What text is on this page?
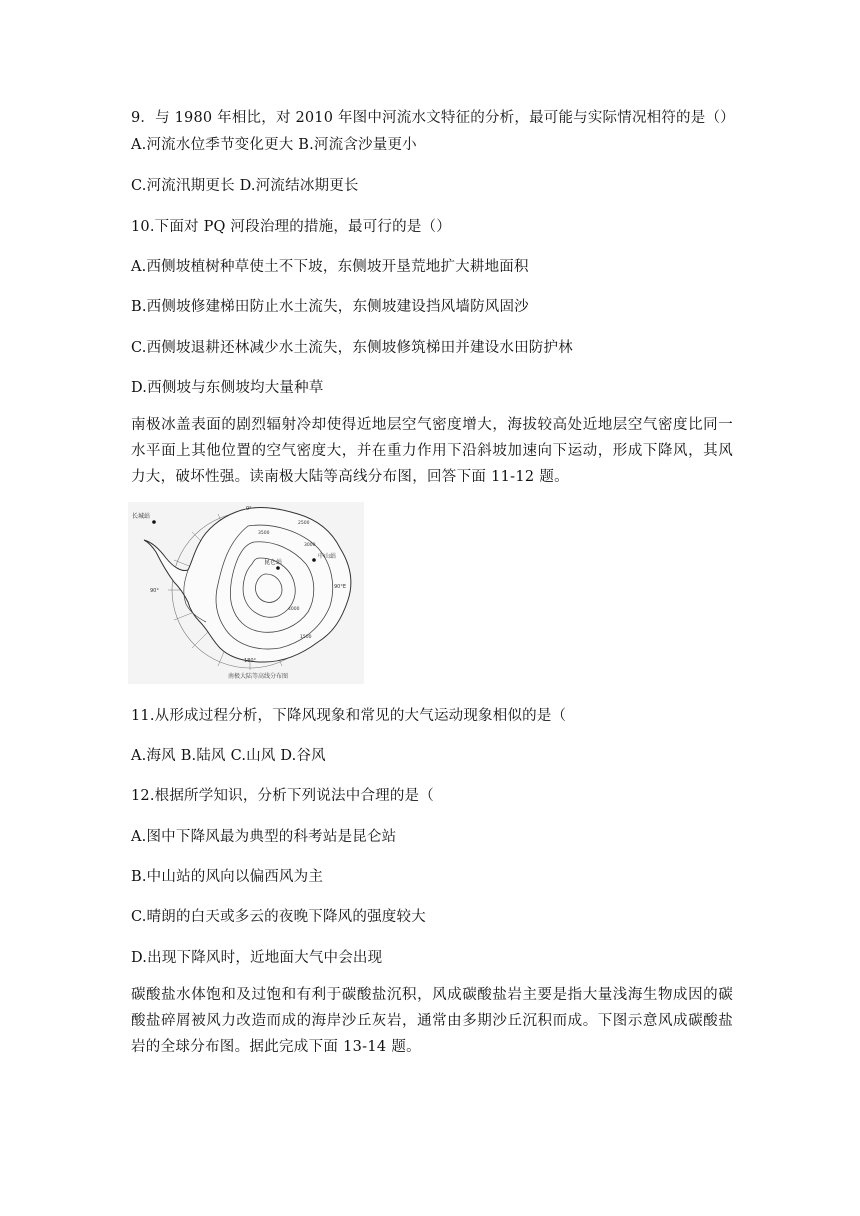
9．与 1980 年相比，对 2010 年图中河流水文特征的分析，最可能与实际情况相符的是（）
A.河流水位季节变化更大 B.河流含沙量更小
C.河流汛期更长 D.河流结冰期更长
10.下面对 PQ 河段治理的措施，最可行的是（）
A.西侧坡植树种草使土不下坡，东侧坡开垦荒地扩大耕地面积
B.西侧坡修建梯田防止水土流失，东侧坡建设挡风墙防风固沙
C.西侧坡退耕还林减少水土流失，东侧坡修筑梯田并建设水田防护林
D.西侧坡与东侧坡均大量种草
南极冰盖表面的剧烈辐射冷却使得近地层空气密度增大，海拔较高处近地层空气密度比同一水平面上其他位置的空气密度大，并在重力作用下沿斜坡加速向下运动，形成下降风，其风力大，破坏性强。读南极大陆等高线分布图，回答下面 11-12 题。
长城站
昆仑站
中山站
0°
90°
90°E
180°
2500
3000
3500
4000
1500
南极大陆等高线分布图
11.从形成过程分析，下降风现象和常见的大气运动现象相似的是（
A.海风 B.陆风 C.山风 D.谷风
12.根据所学知识，分析下列说法中合理的是（
A.图中下降风最为典型的科考站是昆仑站
B.中山站的风向以偏西风为主
C.晴朗的白天或多云的夜晚下降风的强度较大
D.出现下降风时，近地面大气中会出现
碳酸盐水体饱和及过饱和有利于碳酸盐沉积，风成碳酸盐岩主要是指大量浅海生物成因的碳酸盐碎屑被风力改造而成的海岸沙丘灰岩，通常由多期沙丘沉积而成。下图示意风成碳酸盐岩的全球分布图。据此完成下面 13-14 题。
